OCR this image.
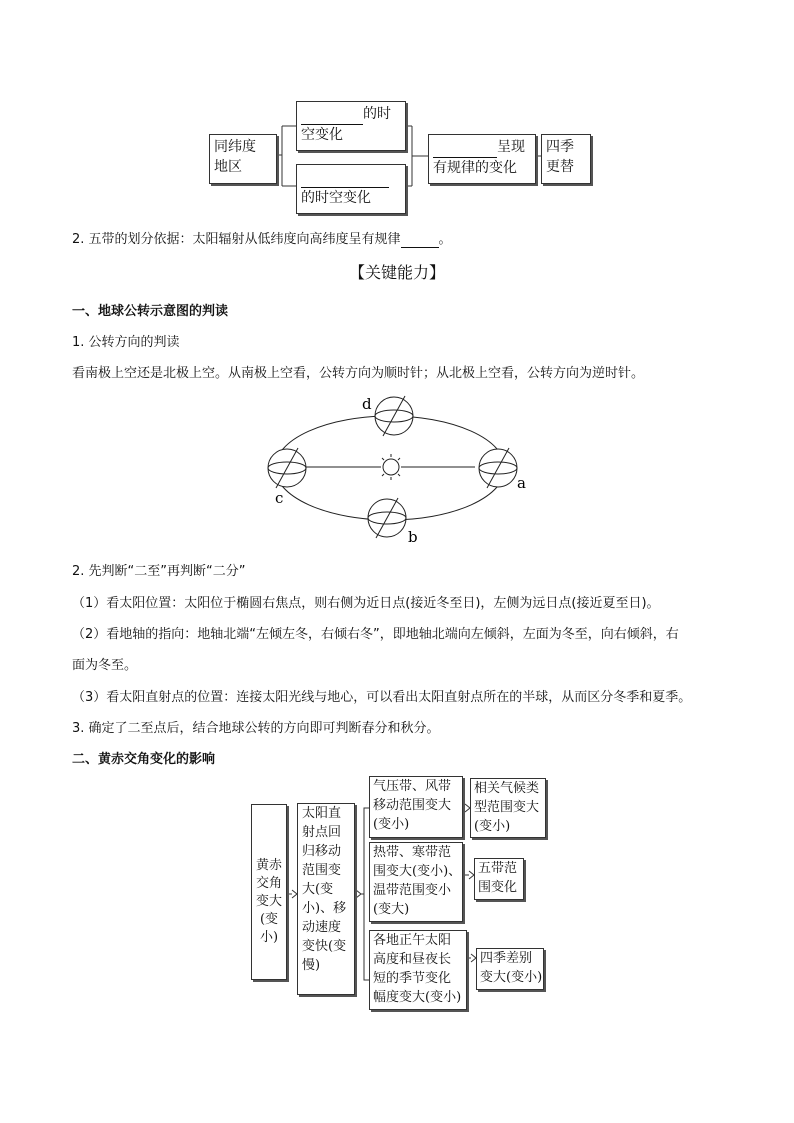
同纬度
地区
的时
空变化

的时空变化
呈现
有规律的变化
四季
更替
2. 五带的划分依据：太阳辐射从低纬度向高纬度呈有规律	。
【关键能力】
一、地球公转示意图的判读
1. 公转方向的判读
看南极上空还是北极上空。从南极上空看，公转方向为顺时针；从北极上空看，公转方向为逆时针。
d
c
a
b
2. 先判断“二至”再判断“二分”
（1）看太阳位置：太阳位于椭圆右焦点，则右侧为近日点(接近冬至日)，左侧为远日点(接近夏至日)。
（2）看地轴的指向：地轴北端“左倾左冬，右倾右冬”，即地轴北端向左倾斜，左面为冬至，向右倾斜，右
面为冬至。
（3）看太阳直射点的位置：连接太阳光线与地心，可以看出太阳直射点所在的半球，从而区分冬季和夏季。
3. 确定了二至点后，结合地球公转的方向即可判断春分和秋分。
二、黄赤交角变化的影响
黄赤
交角
变大
(变小)
太阳直
射点回
归移动
范围变
大(变
小)、移
动速度
变快(变
慢)
气压带、风带
移动范围变大
(变小)
热带、寒带范
围变大(变小)、
温带范围变小
(变大)
各地正午太阳
高度和昼夜长
短的季节变化
幅度变大(变小)
相关气候类
型范围变大
(变小)
五带范
围变化
四季差别
变大(变小)
